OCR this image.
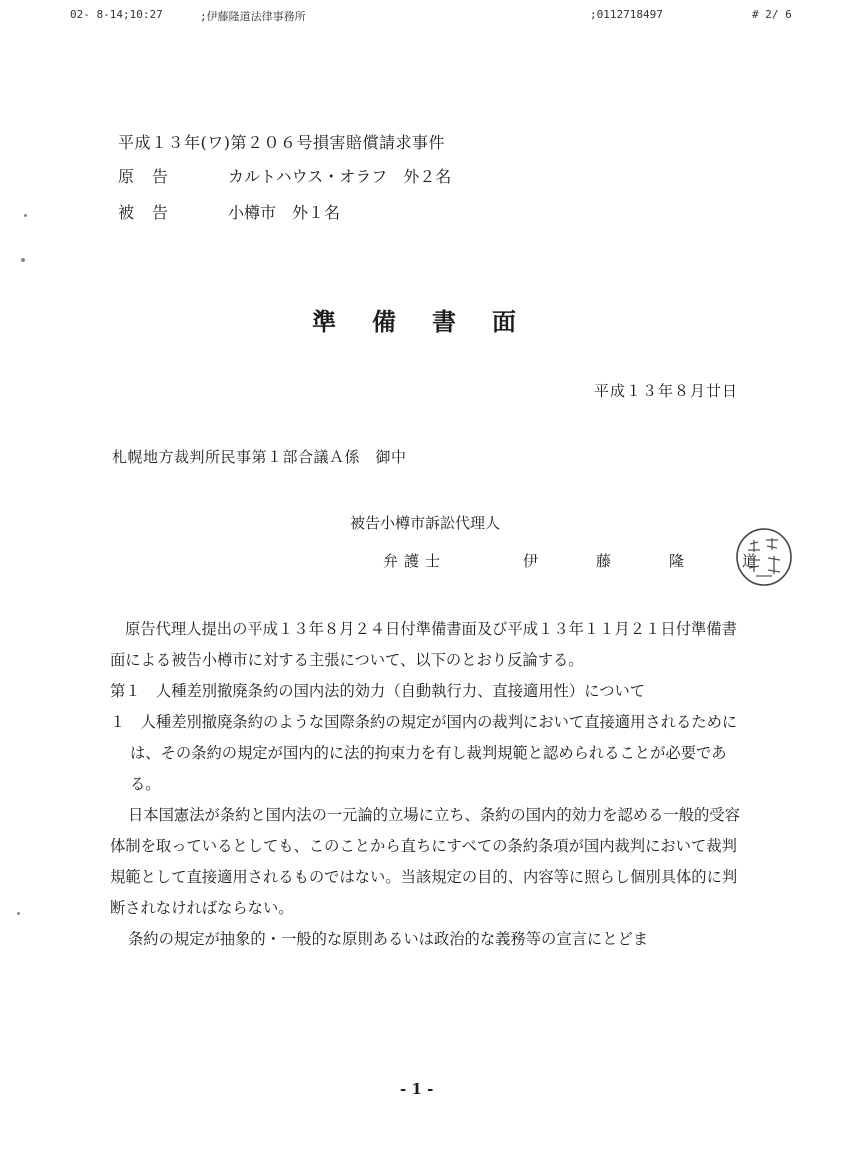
02- 8-14;10:27	;伊藤隆道法律事務所	;0112718497	# 2/ 6
平成１３年(ワ)第２０６号損害賠償請求事件
原告	カルトハウス・オラフ　外２名
被告	小樽市　外１名
準備書面
平成１３年８月廿日
札幌地方裁判所民事第１部合議Ａ係　御中
被告小樽市訴訟代理人
弁護士	伊藤隆道

原告代理人提出の平成１３年８月２４日付準備書面及び平成１３年１１月２１日付準備書面による被告小樽市に対する主張について、以下のとおり反論する。

第１　人種差別撤廃条約の国内法的効力（自動執行力、直接適用性）について

１　人種差別撤廃条約のような国際条約の規定が国内の裁判において直接適用されるためには、その条約の規定が国内的に法的拘束力を有し裁判規範と認められることが必要である。

日本国憲法が条約と国内法の一元論的立場に立ち、条約の国内的効力を認める一般的受容体制を取っているとしても、このことから直ちにすべての条約条項が国内裁判において裁判規範として直接適用されるものではない。当該規定の目的、内容等に照らし個別具体的に判断されなければならない。

条約の規定が抽象的・一般的な原則あるいは政治的な義務等の宣言にとどま

- 1 -
